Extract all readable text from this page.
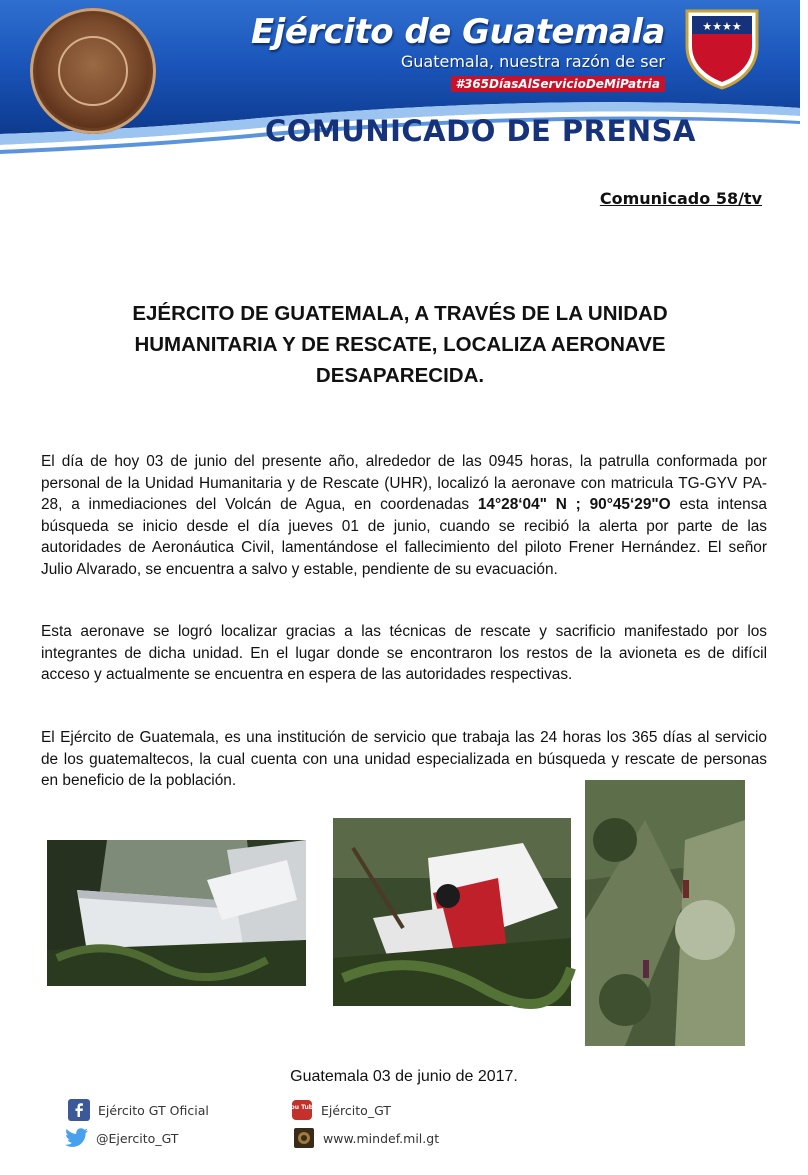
Ejército de Guatemala
Guatemala, nuestra razón de ser
#365DíasAlServicioDeMiPatria
★★★★
COMUNICADO DE PRENSA
Comunicado 58/tv
EJÉRCITO DE GUATEMALA, A TRAVÉS DE LA UNIDAD HUMANITARIA Y DE RESCATE, LOCALIZA AERONAVE DESAPARECIDA.

El día de hoy 03 de junio del presente año, alrededor de las 0945 horas, la patrulla conformada por personal de la Unidad Humanitaria y de Rescate (UHR), localizó la aeronave con matricula TG-GYV PA-28, a inmediaciones del Volcán de Agua, en coordenadas 14°28‘04" N ; 90°45‘29"O esta intensa búsqueda se inicio desde el día jueves 01 de junio, cuando se recibió la alerta por parte de las autoridades de Aeronáutica Civil, lamentándose el fallecimiento del piloto Frener Hernández. El señor Julio Alvarado, se encuentra a salvo y estable, pendiente de su evacuación.

Esta aeronave se logró localizar gracias a las técnicas de rescate y sacrificio manifestado por los integrantes de dicha unidad. En el lugar donde se encontraron los restos de la avioneta es de difícil acceso y actualmente se encuentra en espera de las autoridades respectivas.

El Ejército de Guatemala, es una institución de servicio que trabaja las 24 horas los 365 días al servicio de los guatemaltecos, la cual cuenta con una unidad especializada en búsqueda y rescate de personas en beneficio de la población.

Guatemala 03 de junio de 2017.
Ejército GT Oficial	You Tube Ejército_GT
@Ejercito_GT	www.mindef.mil.gt
